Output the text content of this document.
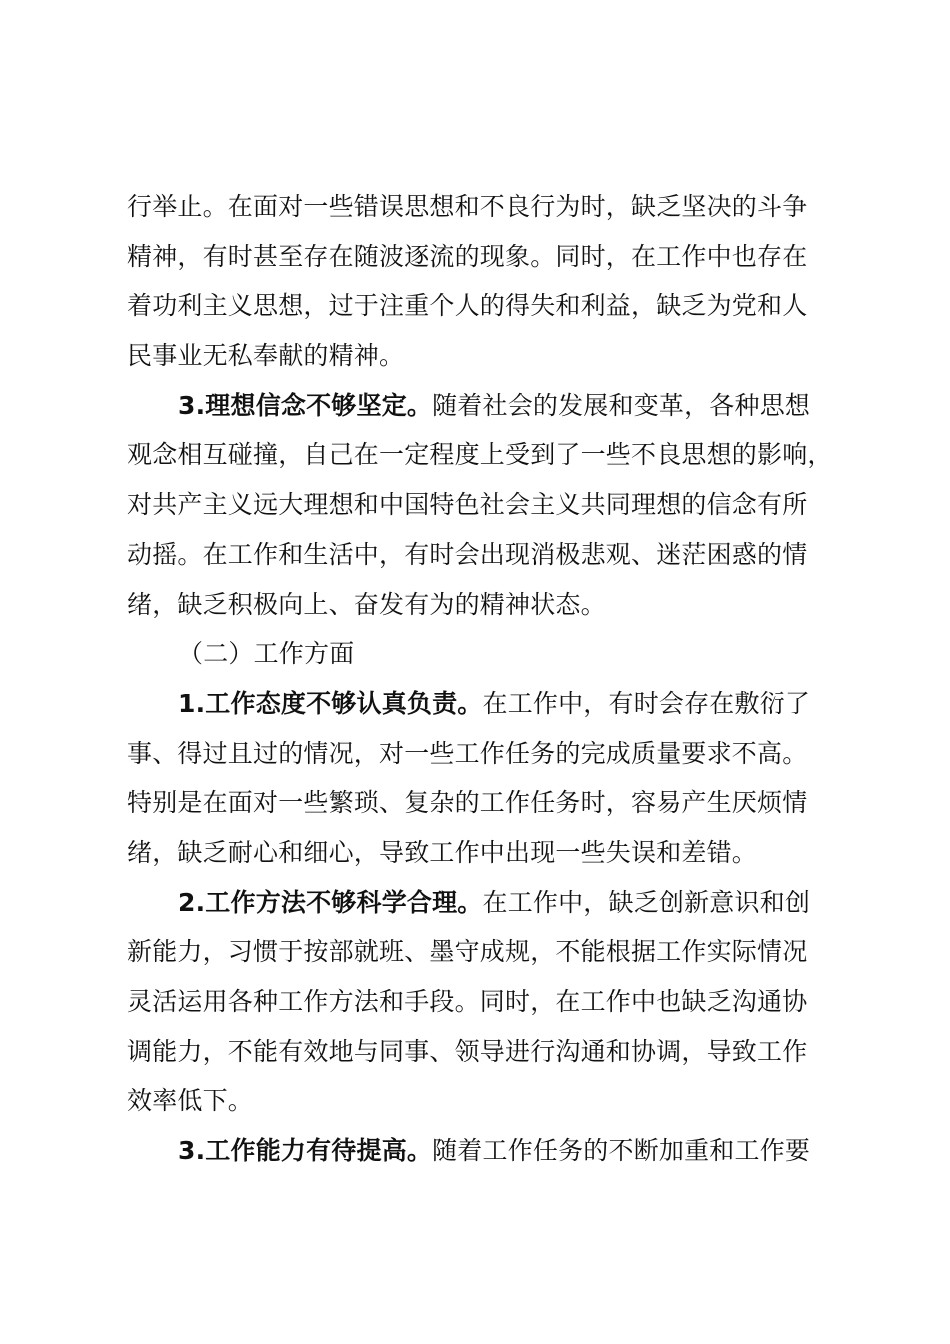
行举止。在面对一些错误思想和不良行为时，缺乏坚决的斗争
精神，有时甚至存在随波逐流的现象。同时，在工作中也存在
着功利主义思想，过于注重个人的得失和利益，缺乏为党和人
民事业无私奉献的精神。
3.理想信念不够坚定。随着社会的发展和变革，各种思想
观念相互碰撞，自己在一定程度上受到了一些不良思想的影响，
对共产主义远大理想和中国特色社会主义共同理想的信念有所
动摇。在工作和生活中，有时会出现消极悲观、迷茫困惑的情
绪，缺乏积极向上、奋发有为的精神状态。
（二）工作方面
1.工作态度不够认真负责。在工作中，有时会存在敷衍了
事、得过且过的情况，对一些工作任务的完成质量要求不高。
特别是在面对一些繁琐、复杂的工作任务时，容易产生厌烦情
绪，缺乏耐心和细心，导致工作中出现一些失误和差错。
2.工作方法不够科学合理。在工作中，缺乏创新意识和创
新能力，习惯于按部就班、墨守成规，不能根据工作实际情况
灵活运用各种工作方法和手段。同时，在工作中也缺乏沟通协
调能力，不能有效地与同事、领导进行沟通和协调，导致工作
效率低下。
3.工作能力有待提高。随着工作任务的不断加重和工作要
